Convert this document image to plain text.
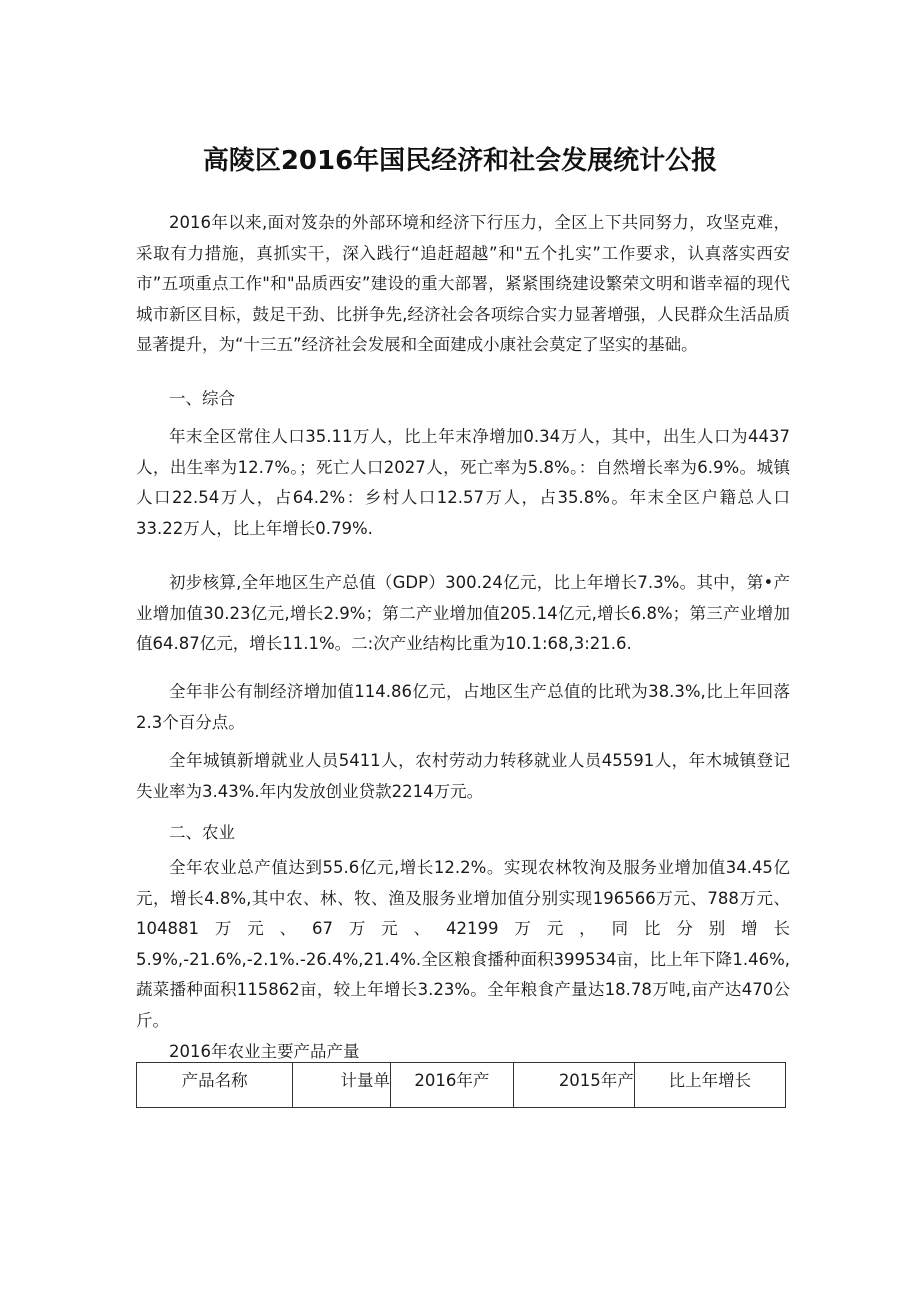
高陵区2016年国民经济和社会发展统计公报

2016年以来,面对笈杂的外部环境和经济下行压力，全区上下共同努力，攻坚克难，采取有力措施，真抓实干，深入践行“追赶超越”和"五个扎实”工作要求，认真落实西安市”五项重点工作"和"品质西安”建设的重大部署，紧紧围绕建设繁荣文明和谐幸福的现代城市新区目标，鼓足干劲、比拼争先,经济社会各项综合实力显著增强，人民群众生活品质显著提升，为“十三五”经济社会发展和全面建成小康社会莫定了坚实的基础。

一、综合

年末全区常住人口35.11万人，比上年末净增加0.34万人，其中，出生人口为4437人，出生率为12.7%。；死亡人口2027人，死亡率为5.8%。：自然增长率为6.9%。城镇人口22.54万人，占64.2%：乡村人口12.57万人，占35.8%。年末全区户籍总人口33.22万人，比上年增长0.79%.

初步核算,全年地区生产总值（GDP）300.24亿元，比上年增长7.3%。其中，第•产业增加值30.23亿元,增长2.9%；第二产业增加值205.14亿元,增长6.8%；第三产业增加值64.87亿元，增长11.1%。二:次产业结构比重为10.1:68,3:21.6.

全年非公有制经济增加值114.86亿元，占地区生产总值的比玳为38.3%,比上年回落2.3个百分点。

全年城镇新增就业人员5411人，农村劳动力转移就业人员45591人，年木城镇登记失业率为3.43%.年内发放创业贷款2214万元。

二、农业

全年农业总产值达到55.6亿元,增长12.2%。实现农林牧洵及服务业增加值34.45亿元，增长4.8%,其中农、林、牧、渔及服务业增加值分别实现196566万元、788万元、104881万元、67万元、42199万元，同比分别增长5.9%,-21.6%,-2.1%.-26.4%,21.4%.全区粮食播种面积399534亩，比上年下降1.46%,蔬菜播种面积115862亩，较上年增长3.23%。全年粮食产量达18.78万吨,亩产达470公斤。

2016年农业主要产品产量

产品名称	计量单	2016年产	2015年产	比上年增长
